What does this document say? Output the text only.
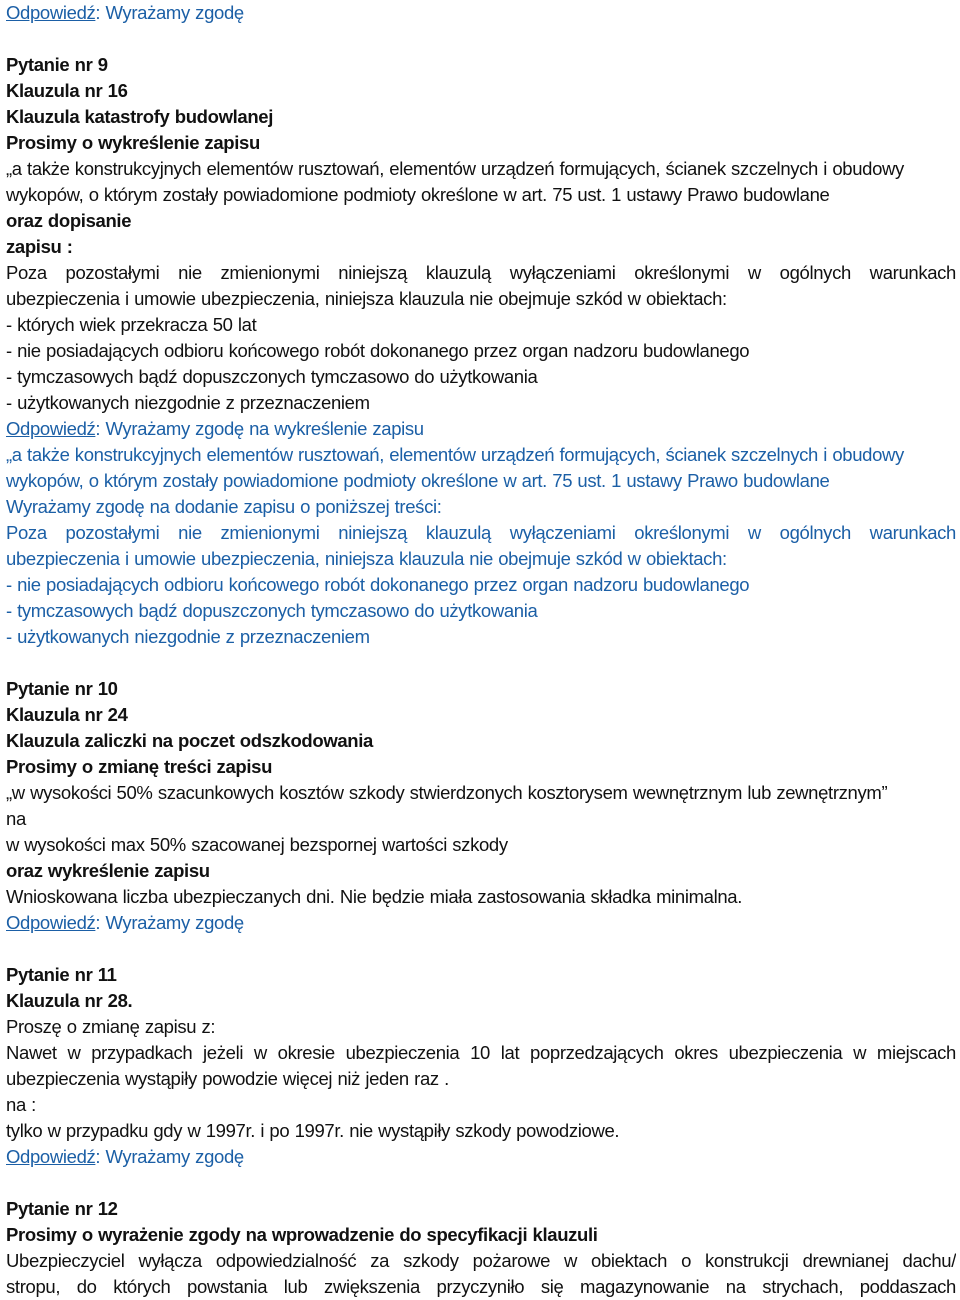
Odpowiedź: Wyrażamy zgodę
Pytanie nr 9
Klauzula nr 16
Klauzula katastrofy budowlanej
Prosimy o wykreślenie zapisu
„a także konstrukcyjnych elementów rusztowań, elementów urządzeń formujących, ścianek szczelnych i obudowy
wykopów, o którym zostały powiadomione podmioty określone w art. 75 ust. 1 ustawy Prawo budowlane
oraz dopisanie
zapisu :
Poza pozostałymi nie zmienionymi niniejszą klauzulą wyłączeniami określonymi w ogólnych warunkach
ubezpieczenia i umowie ubezpieczenia, niniejsza klauzula nie obejmuje szkód w obiektach:
- których wiek przekracza 50 lat
- nie posiadających odbioru końcowego robót dokonanego przez organ nadzoru budowlanego
- tymczasowych bądź dopuszczonych tymczasowo do użytkowania
- użytkowanych niezgodnie z przeznaczeniem
Odpowiedź: Wyrażamy zgodę na wykreślenie zapisu
„a także konstrukcyjnych elementów rusztowań, elementów urządzeń formujących, ścianek szczelnych i obudowy
wykopów, o którym zostały powiadomione podmioty określone w art. 75 ust. 1 ustawy Prawo budowlane
Wyrażamy zgodę na dodanie zapisu o poniższej treści:
Poza pozostałymi nie zmienionymi niniejszą klauzulą wyłączeniami określonymi w ogólnych warunkach
ubezpieczenia i umowie ubezpieczenia, niniejsza klauzula nie obejmuje szkód w obiektach:
- nie posiadających odbioru końcowego robót dokonanego przez organ nadzoru budowlanego
- tymczasowych bądź dopuszczonych tymczasowo do użytkowania
- użytkowanych niezgodnie z przeznaczeniem
Pytanie nr 10
Klauzula nr 24
Klauzula zaliczki na poczet odszkodowania
Prosimy o zmianę treści zapisu
„w wysokości 50% szacunkowych kosztów szkody stwierdzonych kosztorysem wewnętrznym lub zewnętrznym”
na
w wysokości max 50% szacowanej bezspornej wartości szkody
oraz wykreślenie zapisu
Wnioskowana liczba ubezpieczanych dni. Nie będzie miała zastosowania składka minimalna.
Odpowiedź: Wyrażamy zgodę
Pytanie nr 11
Klauzula nr 28.
Proszę o zmianę zapisu z:
Nawet w przypadkach jeżeli w okresie ubezpieczenia 10 lat poprzedzających okres ubezpieczenia w miejscach
ubezpieczenia wystąpiły powodzie więcej niż jeden raz .
na :
tylko w przypadku gdy w 1997r. i po 1997r. nie wystąpiły szkody powodziowe.
Odpowiedź: Wyrażamy zgodę
Pytanie nr 12
Prosimy o wyrażenie zgody na wprowadzenie do specyfikacji klauzuli
Ubezpieczyciel wyłącza odpowiedzialność za szkody pożarowe w obiektach o konstrukcji drewnianej dachu/
stropu, do których powstania lub zwiększenia przyczyniło się magazynowanie na strychach, poddaszach
